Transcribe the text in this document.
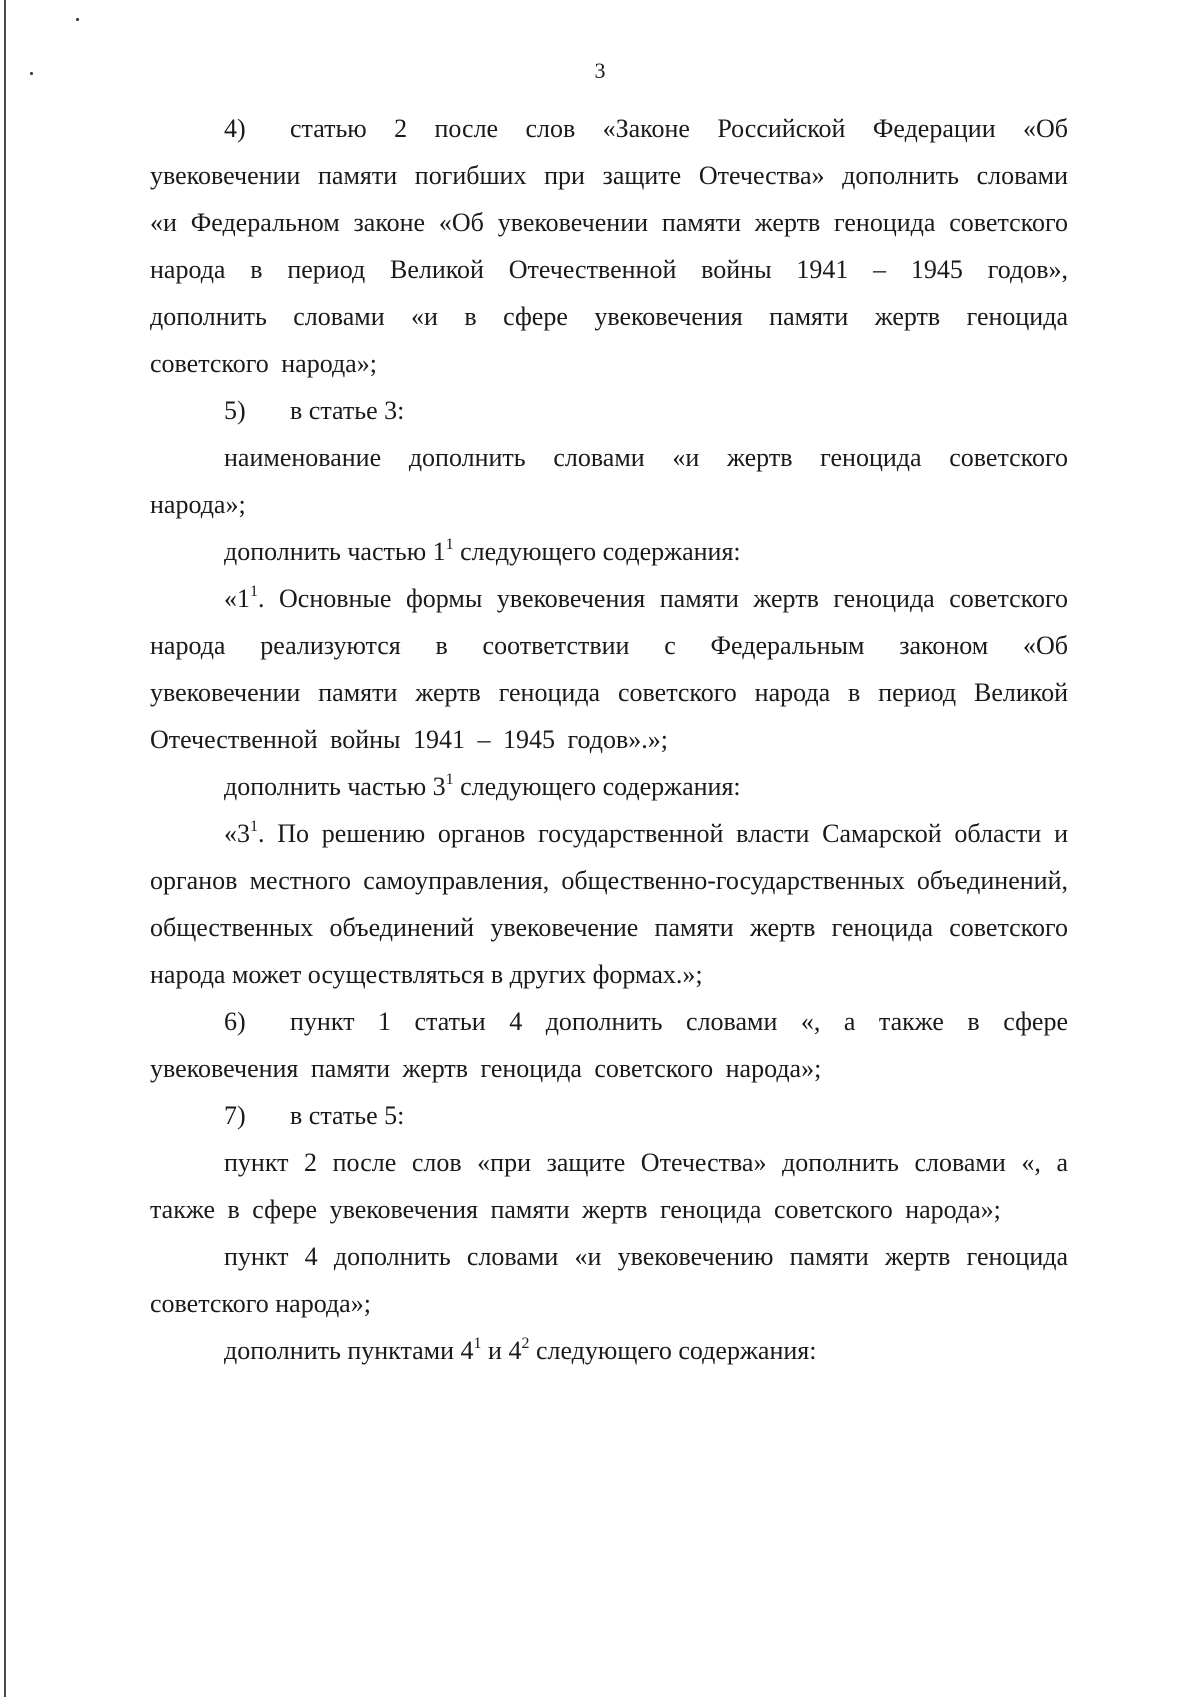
3

4) статью 2 после слов «Законе Российской Федерации «Об увековечении памяти погибших при защите Отечества» дополнить словами «и Федеральном законе «Об увековечении памяти жертв геноцида советского народа в период Великой Отечественной войны 1941 – 1945 годов», дополнить словами «и в сфере увековечения памяти жертв геноцида советского народа»;

5) в статье 3:

наименование дополнить словами «и жертв геноцида советского народа»;

дополнить частью $1^1$ следующего содержания:

«$1^1$. Основные формы увековечения памяти жертв геноцида советского народа реализуются в соответствии с Федеральным законом «Об увековечении памяти жертв геноцида советского народа в период Великой Отечественной войны 1941 – 1945 годов».»;

дополнить частью $3^1$ следующего содержания:

«$3^1$. По решению органов государственной власти Самарской области и органов местного самоуправления, общественно-государственных объединений, общественных объединений увековечение памяти жертв геноцида советского народа может осуществляться в других формах.»;

6) пункт 1 статьи 4 дополнить словами «, а также в сфере увековечения памяти жертв геноцида советского народа»;

7) в статье 5:

пункт 2 после слов «при защите Отечества» дополнить словами «, а также в сфере увековечения памяти жертв геноцида советского народа»;

пункт 4 дополнить словами «и увековечению памяти жертв геноцида советского народа»;

дополнить пунктами $4^1$ и $4^2$ следующего содержания:
